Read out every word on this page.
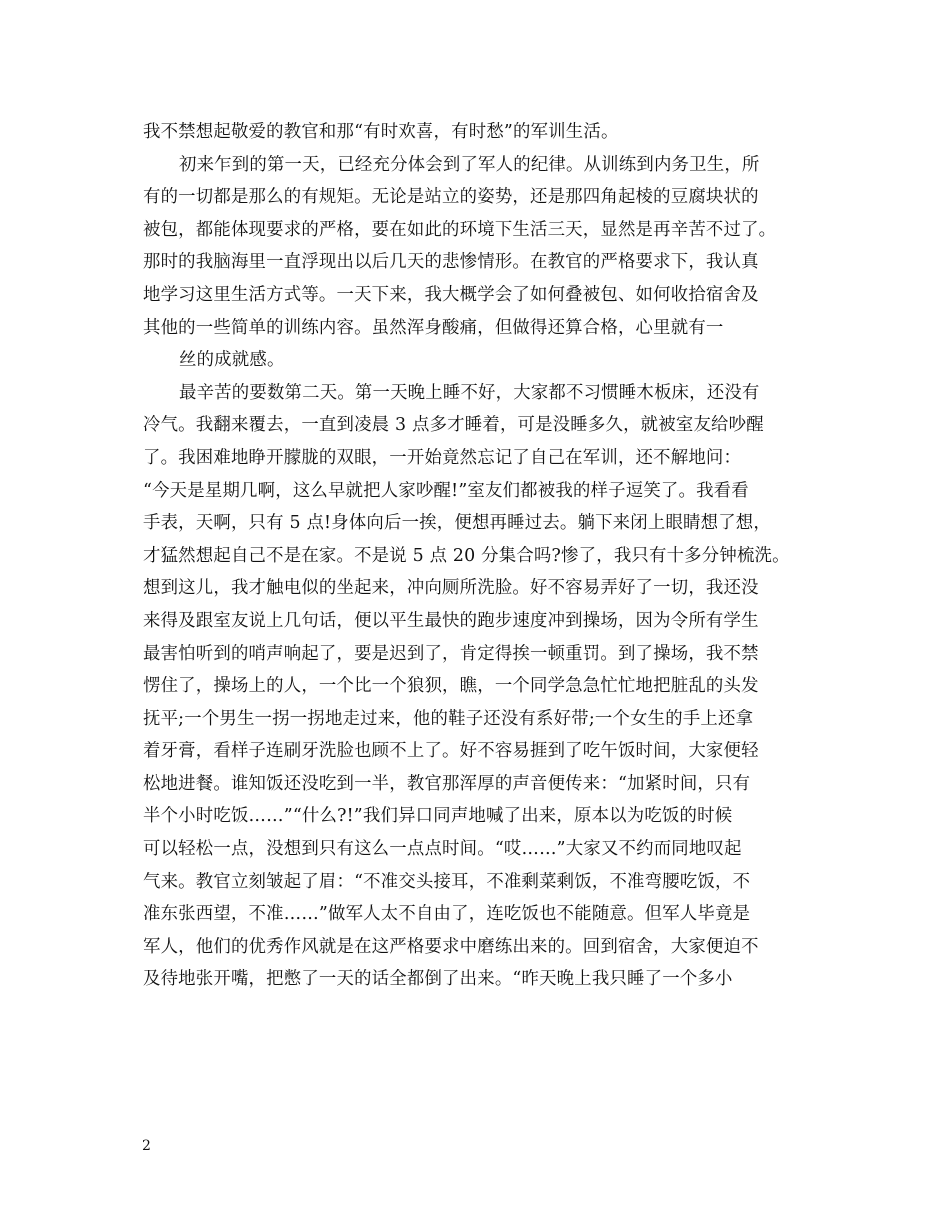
我不禁想起敬爱的教官和那“有时欢喜，有时愁”的军训生活。
初来乍到的第一天，已经充分体会到了军人的纪律。从训练到内务卫生，所
有的一切都是那么的有规矩。无论是站立的姿势，还是那四角起棱的豆腐块状的
被包，都能体现要求的严格，要在如此的环境下生活三天，显然是再辛苦不过了。
那时的我脑海里一直浮现出以后几天的悲惨情形。在教官的严格要求下，我认真
地学习这里生活方式等。一天下来，我大概学会了如何叠被包、如何收拾宿舍及
其他的一些简单的训练内容。虽然浑身酸痛，但做得还算合格，心里就有一
丝的成就感。
最辛苦的要数第二天。第一天晚上睡不好，大家都不习惯睡木板床，还没有
冷气。我翻来覆去，一直到凌晨 3 点多才睡着，可是没睡多久，就被室友给吵醒
了。我困难地睁开朦胧的双眼，一开始竟然忘记了自己在军训，还不解地问：
“今天是星期几啊，这么早就把人家吵醒!”室友们都被我的样子逗笑了。我看看
手表，天啊，只有 5 点!身体向后一挨，便想再睡过去。躺下来闭上眼睛想了想，
才猛然想起自己不是在家。不是说 5 点 20 分集合吗?惨了，我只有十多分钟梳洗。
想到这儿，我才触电似的坐起来，冲向厕所洗脸。好不容易弄好了一切，我还没
来得及跟室友说上几句话，便以平生最快的跑步速度冲到操场，因为令所有学生
最害怕听到的哨声响起了，要是迟到了，肯定得挨一顿重罚。到了操场，我不禁
愣住了，操场上的人，一个比一个狼狈，瞧，一个同学急急忙忙地把脏乱的头发
抚平;一个男生一拐一拐地走过来，他的鞋子还没有系好带;一个女生的手上还拿
着牙膏，看样子连刷牙洗脸也顾不上了。好不容易捱到了吃午饭时间，大家便轻
松地进餐。谁知饭还没吃到一半，教官那浑厚的声音便传来：“加紧时间，只有
半个小时吃饭……”“什么?!”我们异口同声地喊了出来，原本以为吃饭的时候
可以轻松一点，没想到只有这么一点点时间。“哎……”大家又不约而同地叹起
气来。教官立刻皱起了眉：“不准交头接耳，不准剩菜剩饭，不准弯腰吃饭，不
准东张西望，不准……”做军人太不自由了，连吃饭也不能随意。但军人毕竟是
军人，他们的优秀作风就是在这严格要求中磨练出来的。回到宿舍，大家便迫不
及待地张开嘴，把憋了一天的话全都倒了出来。“昨天晚上我只睡了一个多小
2
